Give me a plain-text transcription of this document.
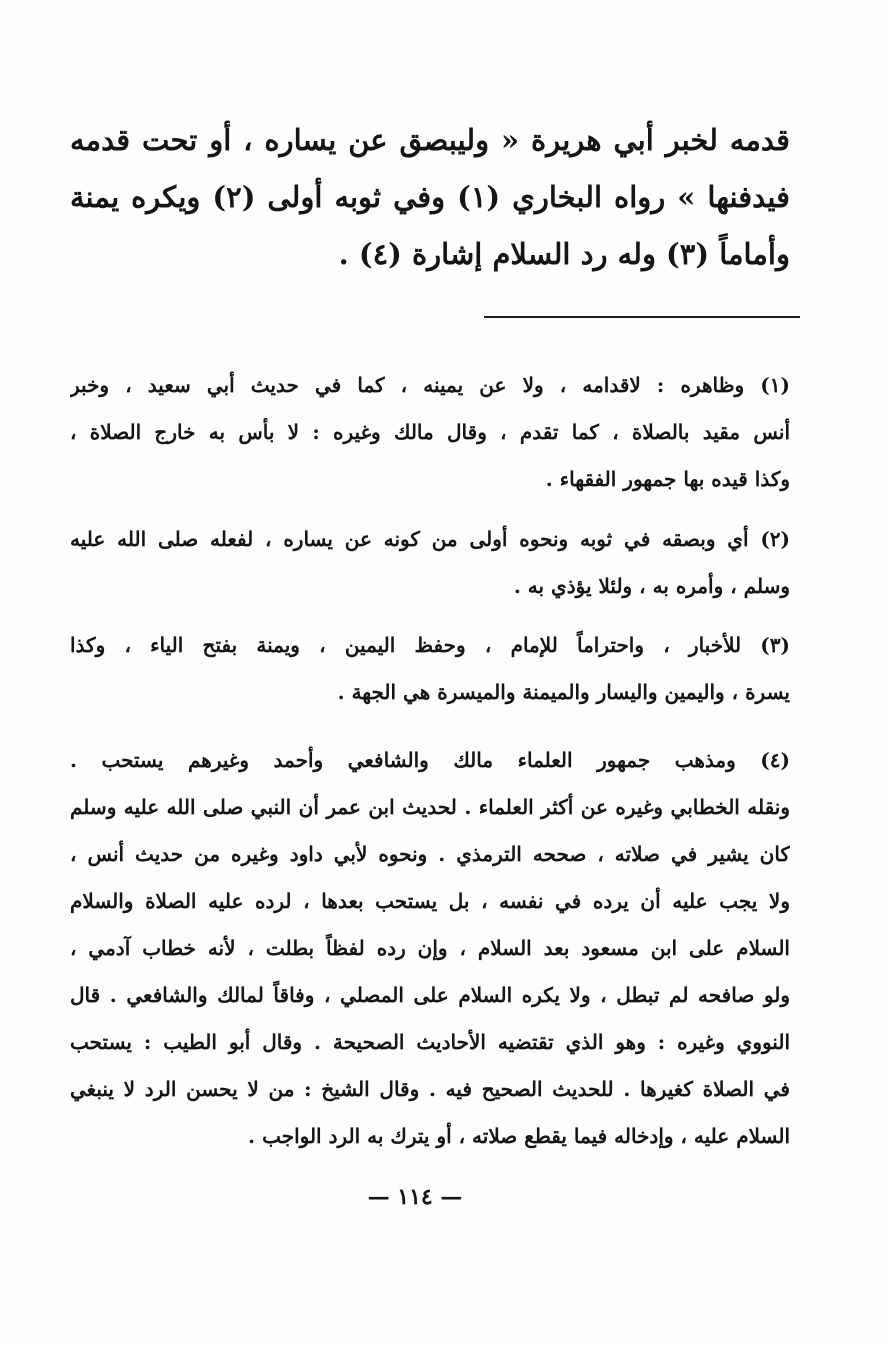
قدمه لخبر أبي هريرة « وليبصق عن يساره ، أو تحت قدمه
فيدفنها » رواه البخاري (١) وفي ثوبه أولى (٢) ويكره يمنة
وأماماً (٣) وله رد السلام إشارة (٤) .
(١) وظاهره : لاقدامه ، ولا عن يمينه ، كما في حديث أبي سعيد ، وخبر
أنس مقيد بالصلاة ، كما تقدم ، وقال مالك وغيره : لا بأس به خارج الصلاة ،
وكذا قيده بها جمهور الفقهاء .
(٢) أي وبصقه في ثوبه ونحوه أولى من كونه عن يساره ، لفعله صلى الله عليه
وسلم ، وأمره به ، ولئلا يؤذي به .
(٣) للأخبار ، واحتراماً للإمام ، وحفظ اليمين ، ويمنة بفتح الياء ، وكذا
يسرة ، واليمين واليسار والميمنة والميسرة هي الجهة .
(٤) ومذهب جمهور العلماء مالك والشافعي وأحمد وغيرهم يستحب .
ونقله الخطابي وغيره عن أكثر العلماء . لحديث ابن عمر أن النبي صلى الله عليه وسلم
كان يشير في صلاته ، صححه الترمذي . ونحوه لأبي داود وغيره من حديث أنس ،
ولا يجب عليه أن يرده في نفسه ، بل يستحب بعدها ، لرده عليه الصلاة والسلام
السلام على ابن مسعود بعد السلام ، وإن رده لفظاً بطلت ، لأنه خطاب آدمي ،
ولو صافحه لم تبطل ، ولا يكره السلام على المصلي ، وفاقاً لمالك والشافعي . قال
النووي وغيره : وهو الذي تقتضيه الأحاديث الصحيحة . وقال أبو الطيب : يستحب
في الصلاة كغيرها . للحديث الصحيح فيه . وقال الشيخ : من لا يحسن الرد لا ينبغي
السلام عليه ، وإدخاله فيما يقطع صلاته ، أو يترك به الرد الواجب .
— ١١٤ —
